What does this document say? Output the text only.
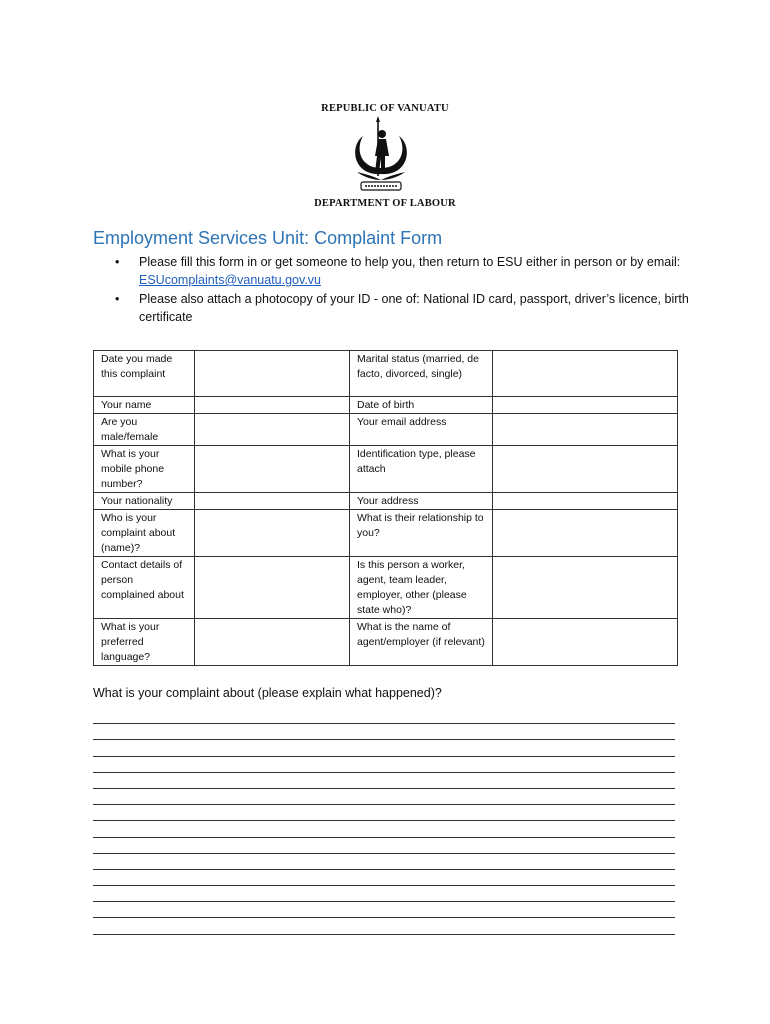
REPUBLIC OF VANUATU
DEPARTMENT OF LABOUR
Employment Services Unit: Complaint Form
• Please fill this form in or get someone to help you, then return to ESU either in person or by email: ESUcomplaints@vanuatu.gov.vu
• Please also attach a photocopy of your ID - one of: National ID card, passport, driver’s licence, birth certificate
Date you made this complaint		Marital status (married, de facto, divorced, single)	
Your name		Date of birth	
Are you male/female		Your email address	
What is your mobile phone number?		Identification type, please attach	
Your nationality		Your address	
Who is your complaint about (name)?		What is their relationship to you?	
Contact details of person complained about		Is this person a worker, agent, team leader, employer, other (please state who)?	
What is your preferred language?		What is the name of agent/employer (if relevant)	
What is your complaint about (please explain what happened)?
